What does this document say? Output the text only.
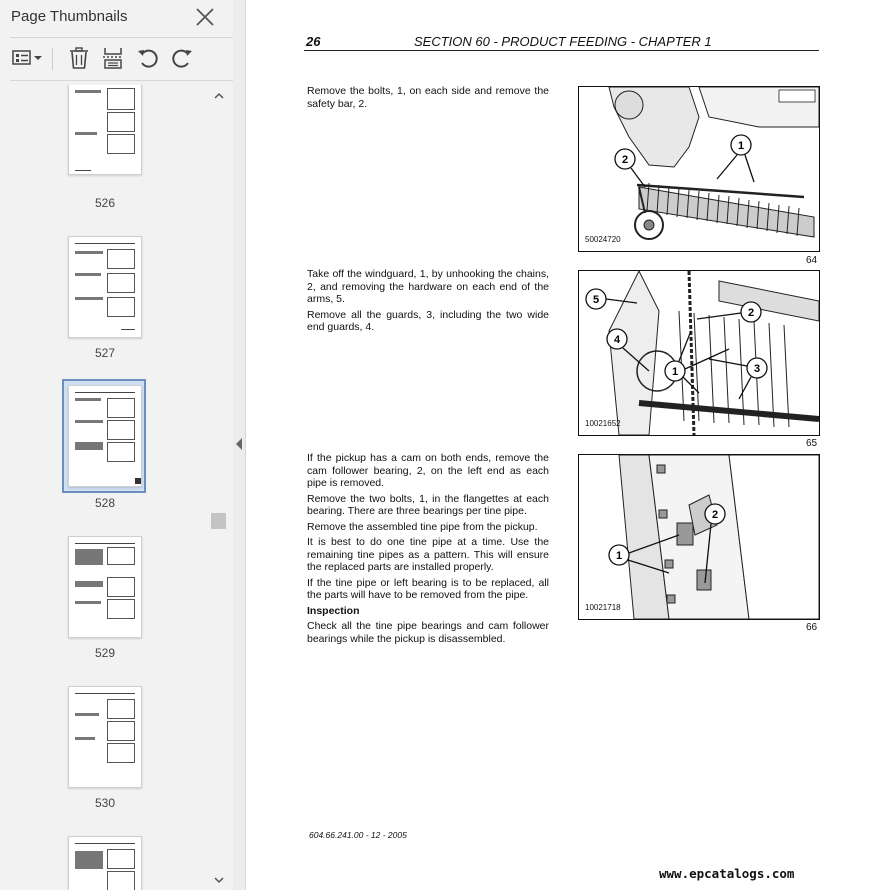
Page Thumbnails
526
527
528
529
530
26	SECTION 60 - PRODUCT FEEDING - CHAPTER 1

Remove the bolts, 1, on each side and remove the safety bar, 2.

1
2
50024720
64

Take off the windguard, 1, by unhooking the chains, 2, and removing the hardware on each end of the arms, 5.

Remove all the guards, 3, including the two wide end guards, 4.

5
2
4
1	3
10021652
65

If the pickup has a cam on both ends, remove the cam follower bearing, 2, on the left end as each pipe is removed.

Remove the two bolts, 1, in the flangettes at each bearing. There are three bearings per tine pipe.

Remove the assembled tine pipe from the pickup.

It is best to do one tine pipe at a time. Use the remaining tine pipes as a pattern. This will ensure the replaced parts are installed properly.

If the tine pipe or left bearing is to be replaced, all the parts will have to be removed from the pipe.

Inspection

Check all the tine pipe bearings and cam follower bearings while the pickup is disassembled.

1
2
10021718
66
604.66.241.00 - 12 - 2005
www.epcatalogs.com
